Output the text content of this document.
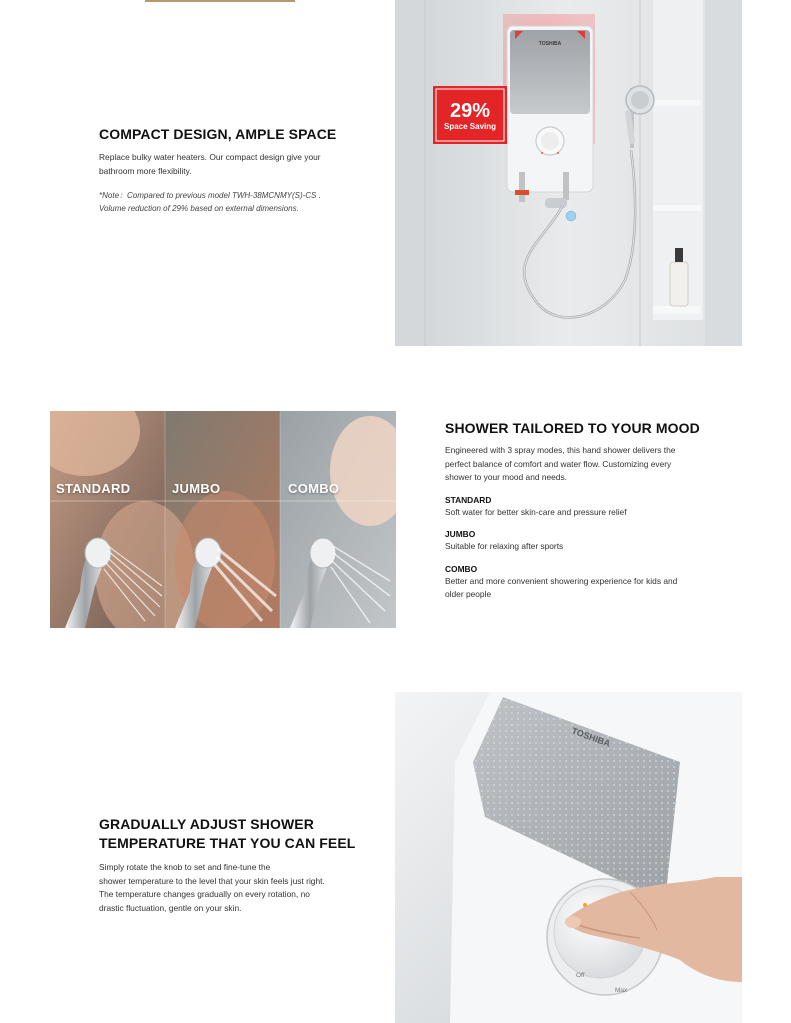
COMPACT DESIGN, AMPLE SPACE

Replace bulky water heaters. Our compact design give your

bathroom more flexibility.

*Note：Compared to previous model TWH-38MCNMY(S)-CS .

Volume reduction of 29% based on external dimensions.

TOSHIBA
29%
Space Saving
STANDARD	JUMBO	COMBO
SHOWER TAILORED TO YOUR MOOD

Engineered with 3 spray modes, this hand shower delivers the

perfect balance of comfort and water flow. Customizing every

shower to your mood and needs.

STANDARD

Soft water for better skin-care and pressure relief

JUMBO

Suitable for relaxing after sports

COMBO

Better and more convenient showering experience for kids and

older people

GRADUALLY ADJUST SHOWER
TEMPERATURE THAT YOU CAN FEEL

Simply rotate the knob to set and fine-tune the

shower temperature to the level that your skin feels just right.

The temperature changes gradually on every rotation, no

drastic fluctuation, gentle on your skin.

TOSHIBA
Off
Max
